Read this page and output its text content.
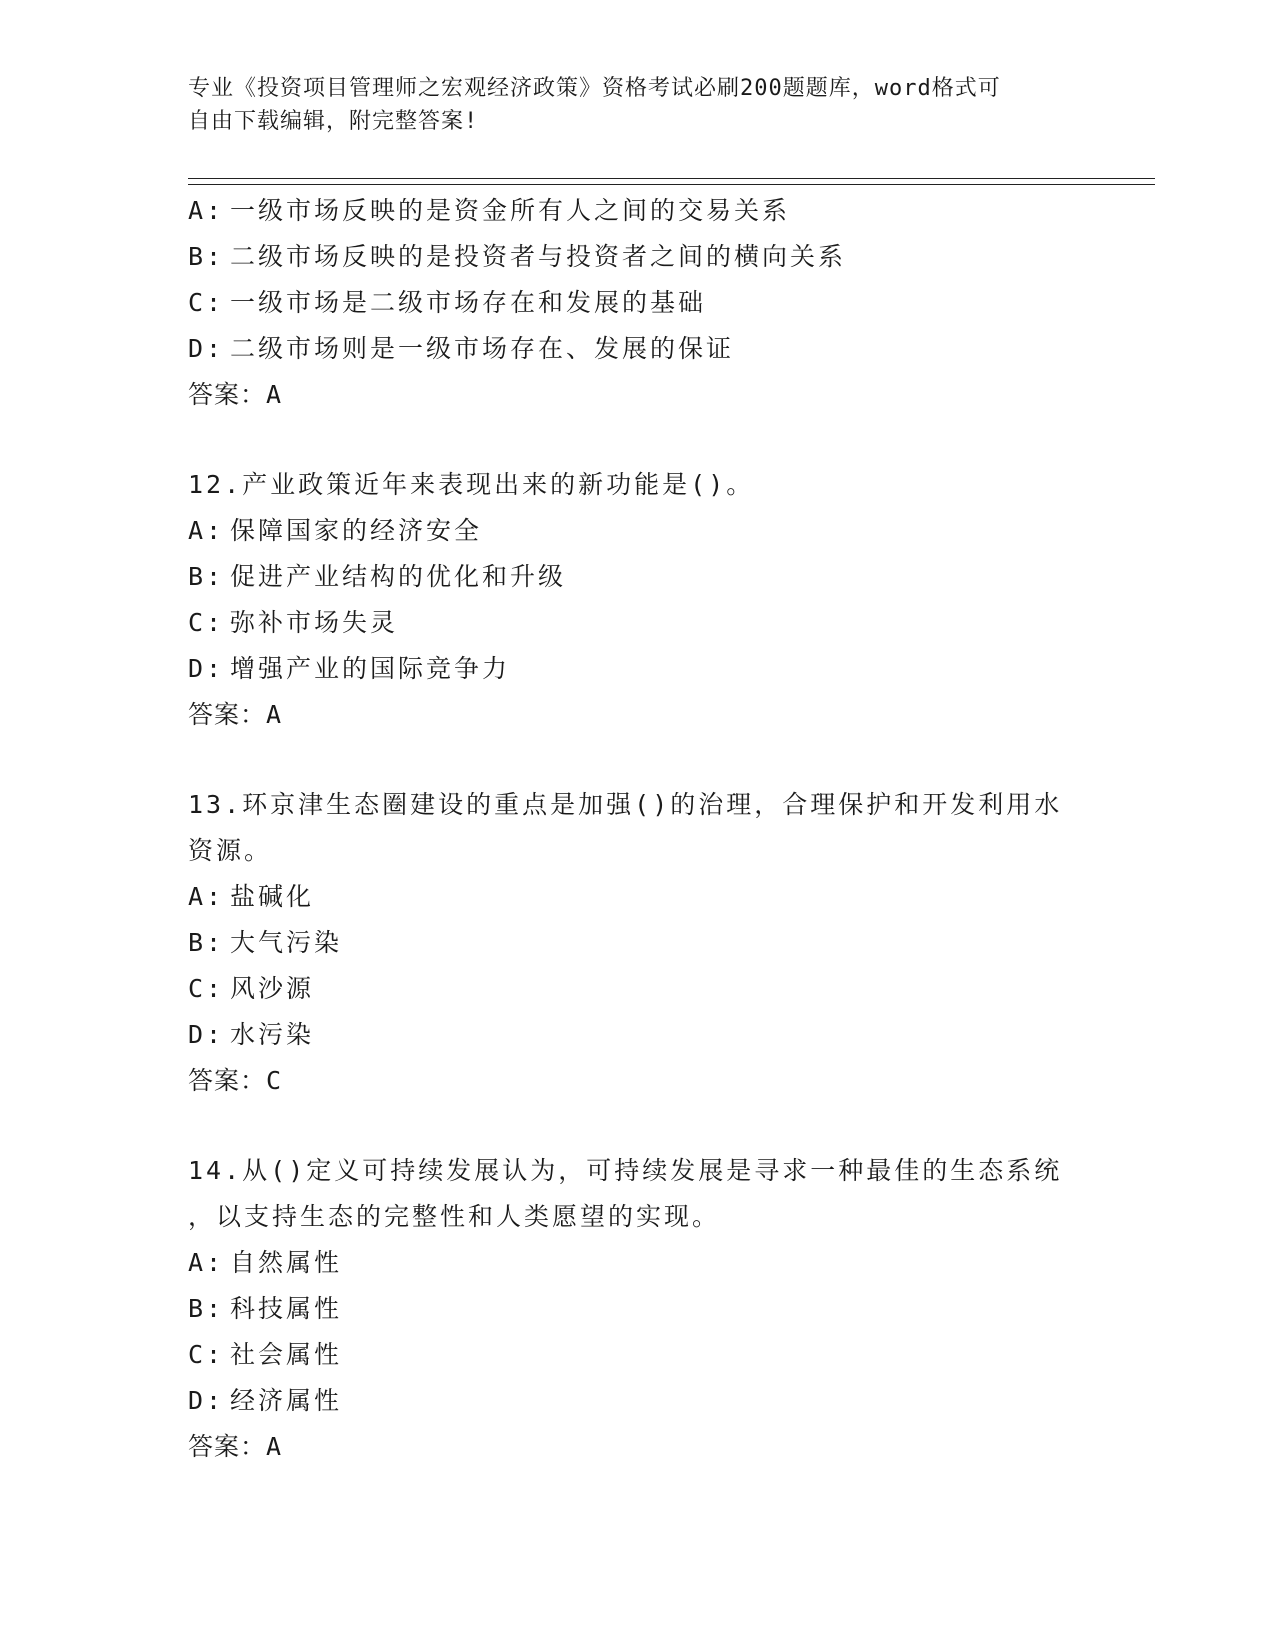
专业《投资项目管理师之宏观经济政策》资格考试必刷200题题库，word格式可
自由下载编辑，附完整答案!
A: 一级市场反映的是资金所有人之间的交易关系
B: 二级市场反映的是投资者与投资者之间的横向关系
C: 一级市场是二级市场存在和发展的基础
D: 二级市场则是一级市场存在、发展的保证
答案：A
12.产业政策近年来表现出来的新功能是()。
A: 保障国家的经济安全
B: 促进产业结构的优化和升级
C: 弥补市场失灵
D: 增强产业的国际竞争力
答案：A
13.环京津生态圈建设的重点是加强()的治理，合理保护和开发利用水
资源。
A: 盐碱化
B: 大气污染
C: 风沙源
D: 水污染
答案：C
14.从()定义可持续发展认为，可持续发展是寻求一种最佳的生态系统
，以支持生态的完整性和人类愿望的实现。
A: 自然属性
B: 科技属性
C: 社会属性
D: 经济属性
答案：A
